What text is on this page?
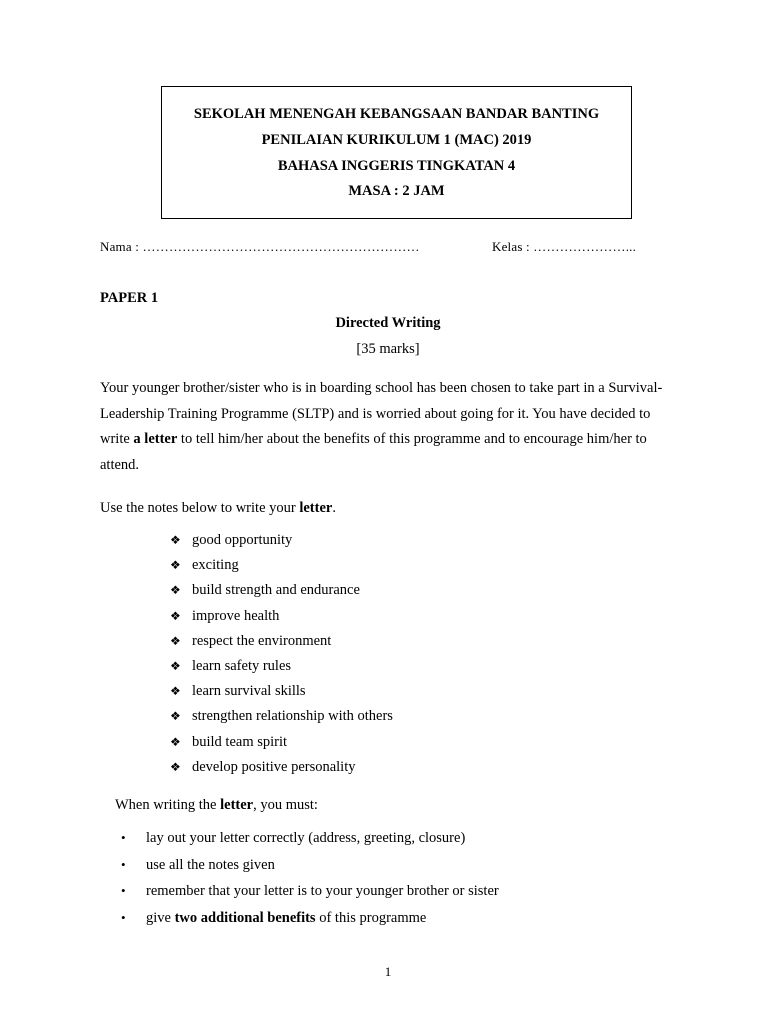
SEKOLAH MENENGAH KEBANGSAAN BANDAR BANTING
PENILAIAN KURIKULUM 1 (MAC) 2019
BAHASA INGGERIS TINGKATAN 4
MASA : 2 JAM
Nama : ………………………………………………………	Kelas : …………………...
PAPER 1
Directed Writing
[35 marks]
Your younger brother/sister who is in boarding school has been chosen to take part in a Survival-Leadership Training Programme (SLTP) and is worried about going for it. You have decided to write a letter to tell him/her about the benefits of this programme and to encourage him/her to attend.
Use the notes below to write your letter.
❖ good opportunity
❖ exciting
❖ build strength and endurance
❖ improve health
❖ respect the environment
❖ learn safety rules
❖ learn survival skills
❖ strengthen relationship with others
❖ build team spirit
❖ develop positive personality
When writing the letter, you must:
• lay out your letter correctly (address, greeting, closure)
• use all the notes given
• remember that your letter is to your younger brother or sister
• give two additional benefits of this programme
1
